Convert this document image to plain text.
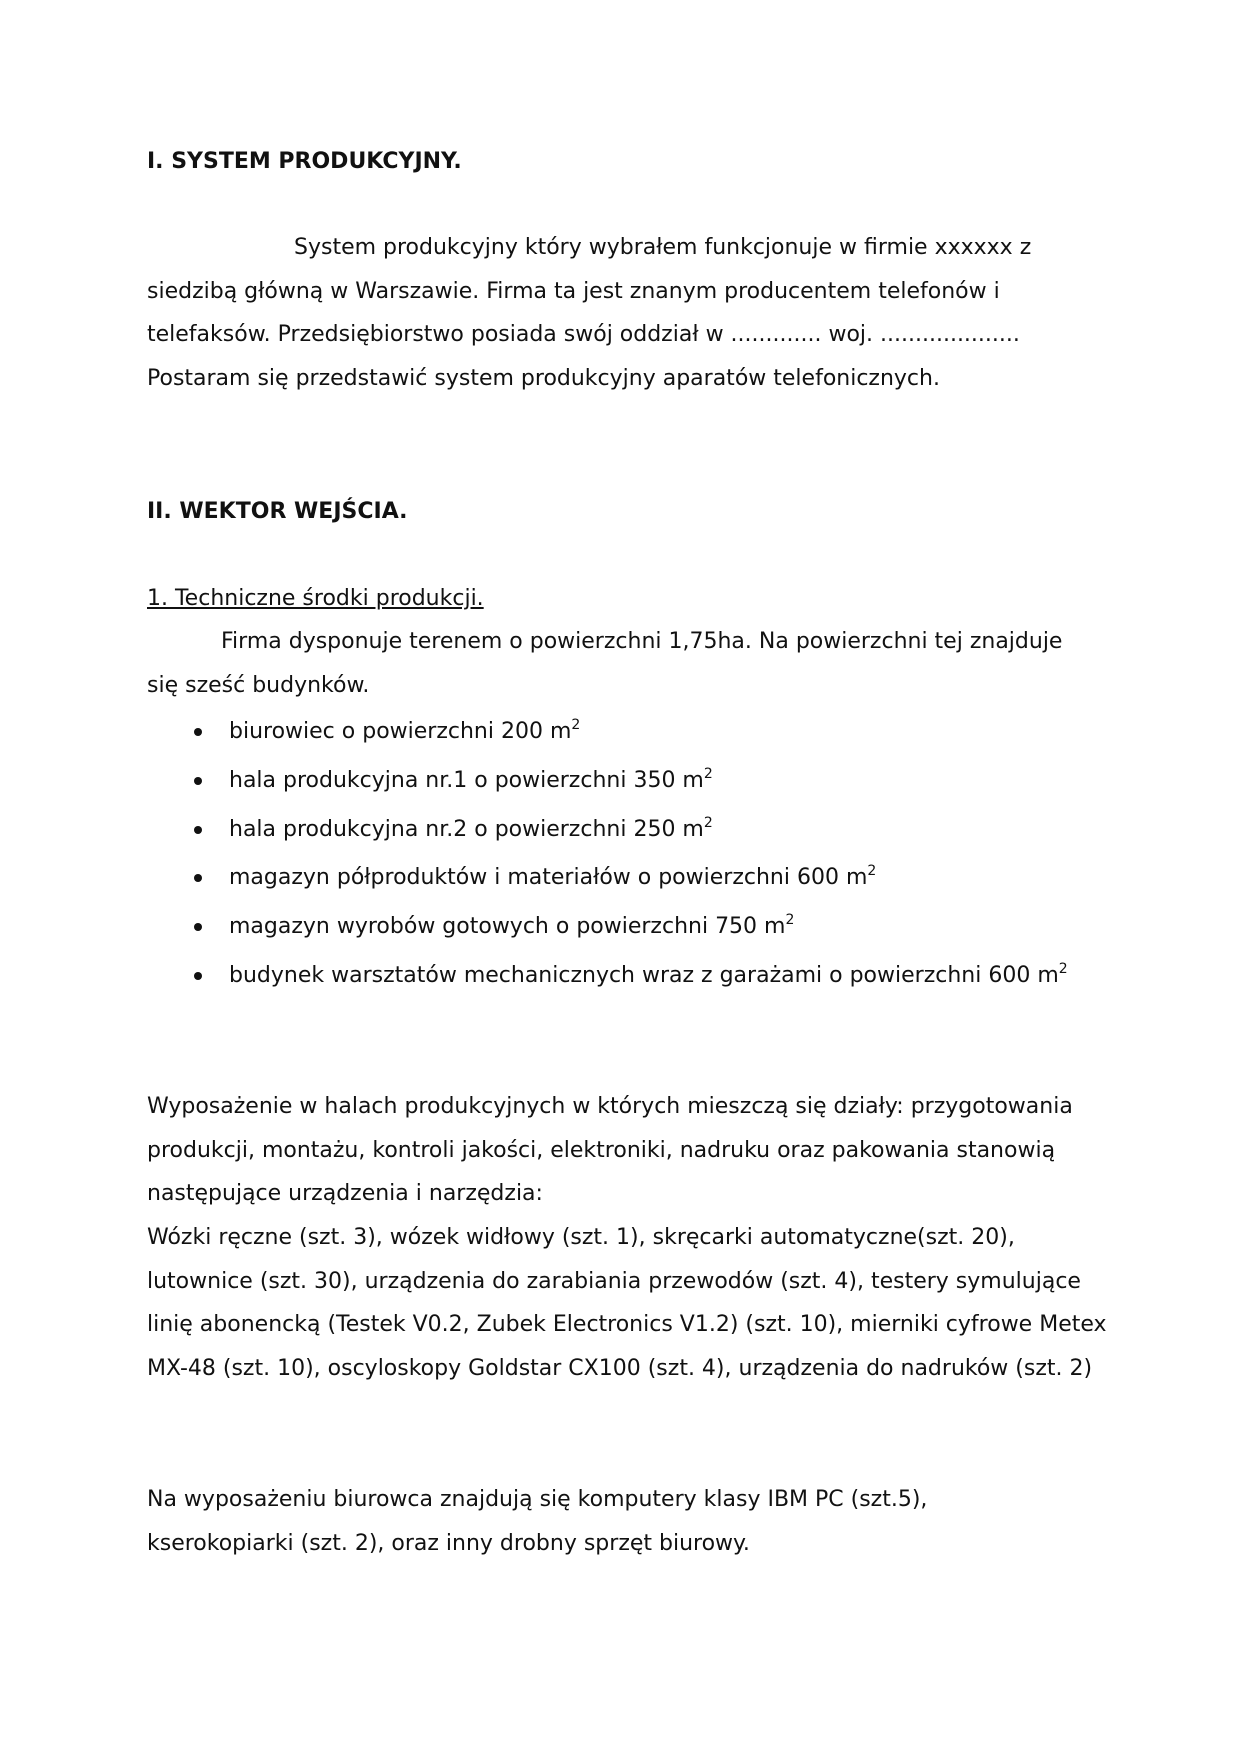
I. SYSTEM PRODUKCYJNY.

System produkcyjny który wybrałem funkcjonuje w firmie xxxxxx z siedzibą główną w Warszawie. Firma ta jest znanym producentem telefonów i telefaksów. Przedsiębiorstwo posiada swój oddział w ............. woj. .................... Postaram się przedstawić system produkcyjny aparatów telefonicznych.

II. WEKTOR WEJŚCIA.
1. Techniczne środki produkcji.

Firma dysponuje terenem o powierzchni 1,75ha. Na powierzchni tej znajduje się sześć budynków.

biurowiec o powierzchni 200 $m^2$
hala produkcyjna nr.1 o powierzchni 350 $m^2$
hala produkcyjna nr.2 o powierzchni 250 $m^2$
magazyn półproduktów i materiałów o powierzchni 600 $m^2$
magazyn wyrobów gotowych o powierzchni 750 $m^2$
budynek warsztatów mechanicznych wraz z garażami o powierzchni 600 $m^2$

Wyposażenie w halach produkcyjnych w których mieszczą się działy: przygotowania produkcji, montażu, kontroli jakości, elektroniki, nadruku oraz pakowania stanowią następujące urządzenia i narzędzia:

Wózki ręczne (szt. 3), wózek widłowy (szt. 1), skręcarki automatyczne(szt. 20), lutownice (szt. 30), urządzenia do zarabiania przewodów (szt. 4), testery symulujące linię abonencką (Testek V0.2, Zubek Electronics V1.2) (szt. 10), mierniki cyfrowe Metex MX-48 (szt. 10), oscyloskopy Goldstar CX100 (szt. 4), urządzenia do nadruków (szt. 2)

Na wyposażeniu biurowca znajdują się komputery klasy IBM PC (szt.5), kserokopiarki (szt. 2), oraz inny drobny sprzęt biurowy.
